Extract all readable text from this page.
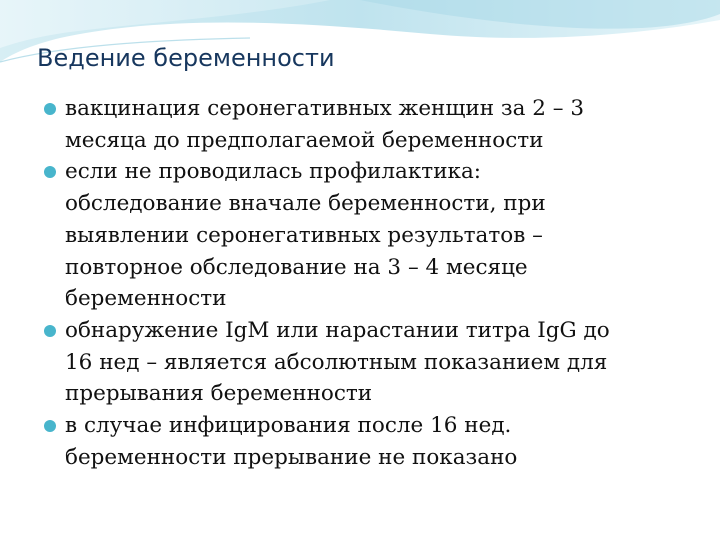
Ведение беременности
вакцинация серонегативных женщин за 2 – 3
месяца до предполагаемой беременности
если не проводилась профилактика:
обследование вначале беременности, при
выявлении серонегативных результатов –
повторное обследование на 3 – 4 месяце
беременности
обнаружение IgM или нарастании титра IgG до
16 нед – является абсолютным показанием для
прерывания беременности
в случае инфицирования после 16 нед.
беременности прерывание не показано
